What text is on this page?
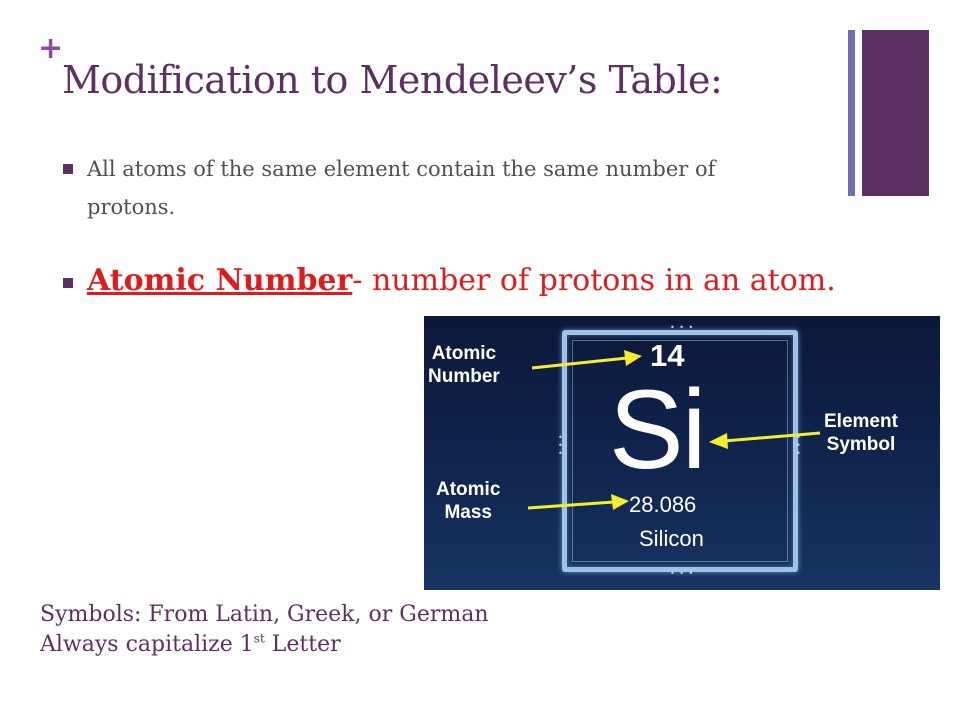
+
Modification to Mendeleev’s Table:
All atoms of the same element contain the same number of protons.
Atomic Number- number of protons in an atom.
• • •
• • •
•
•
•
•
•
•
14
Si
28.086
Silicon
Atomic
Number
Atomic
Mass
Element
Symbol
Symbols: From Latin, Greek, or German
Always capitalize 1st Letter
